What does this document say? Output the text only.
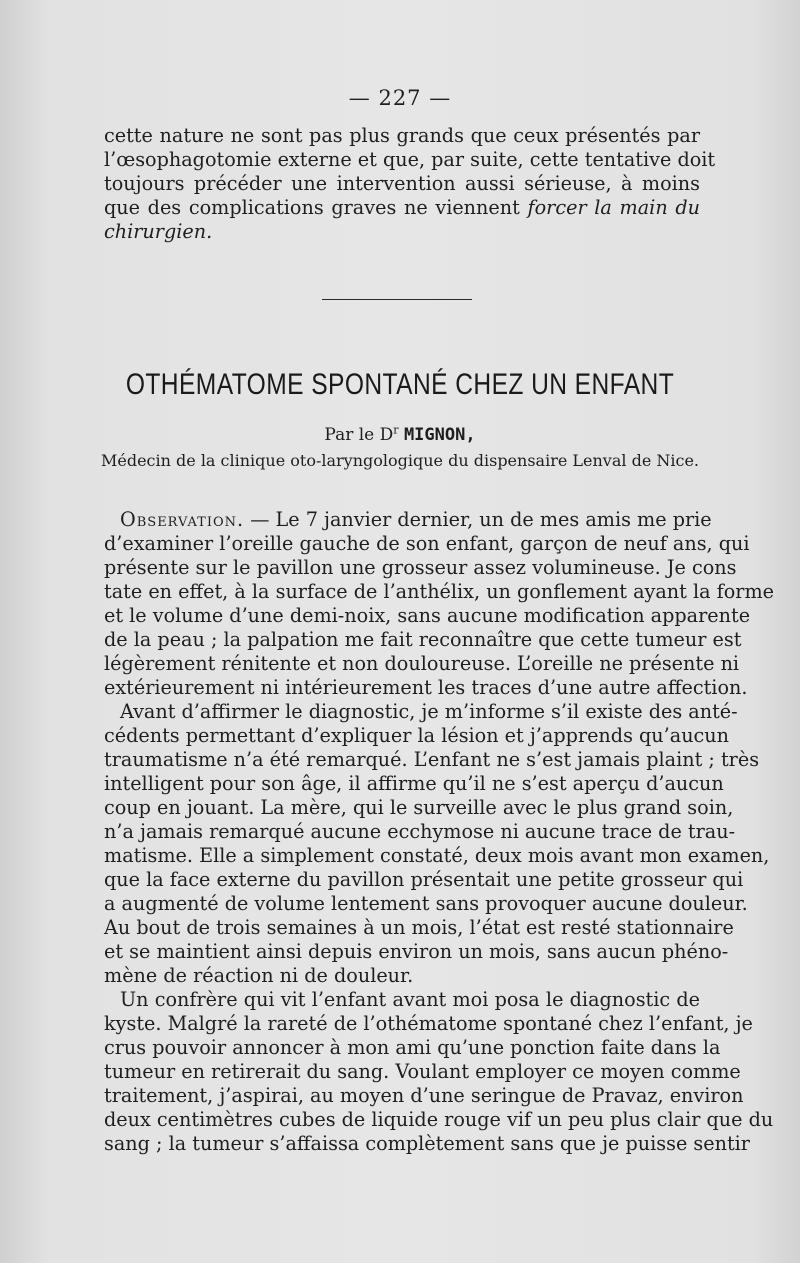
— 227 —
cette nature ne sont pas plus grands que ceux présentés par
l’œsophagotomie externe et que, par suite, cette tentative doit
toujours précéder une intervention aussi sérieuse, à moins
que des complications graves ne viennent forcer la main du
chirurgien.
OTHÉMATOME SPONTANÉ CHEZ UN ENFANT
Par le $D^r$ MIGNON,
Médecin de la clinique oto-laryngologique du dispensaire Lenval de Nice.
Observation. — Le 7 janvier dernier, un de mes amis me prie
d’examiner l’oreille gauche de son enfant, garçon de neuf ans, qui
présente sur le pavillon une grosseur assez volumineuse. Je cons
tate en effet, à la surface de l’anthélix, un gonflement ayant la forme
et le volume d’une demi-noix, sans aucune modification apparente
de la peau ; la palpation me fait reconnaître que cette tumeur est
légèrement rénitente et non douloureuse. L’oreille ne présente ni
extérieurement ni intérieurement les traces d’une autre affection.
Avant d’affirmer le diagnostic, je m’informe s’il existe des anté-
cédents permettant d’expliquer la lésion et j’apprends qu’aucun
traumatisme n’a été remarqué. L’enfant ne s’est jamais plaint ; très
intelligent pour son âge, il affirme qu’il ne s’est aperçu d’aucun
coup en jouant. La mère, qui le surveille avec le plus grand soin,
n’a jamais remarqué aucune ecchymose ni aucune trace de trau-
matisme. Elle a simplement constaté, deux mois avant mon examen,
que la face externe du pavillon présentait une petite grosseur qui
a augmenté de volume lentement sans provoquer aucune douleur.
Au bout de trois semaines à un mois, l’état est resté stationnaire
et se maintient ainsi depuis environ un mois, sans aucun phéno-
mène de réaction ni de douleur.
Un confrère qui vit l’enfant avant moi posa le diagnostic de
kyste. Malgré la rareté de l’othématome spontané chez l’enfant, je
crus pouvoir annoncer à mon ami qu’une ponction faite dans la
tumeur en retirerait du sang. Voulant employer ce moyen comme
traitement, j’aspirai, au moyen d’une seringue de Pravaz, environ
deux centimètres cubes de liquide rouge vif un peu plus clair que du
sang ; la tumeur s’affaissa complètement sans que je puisse sentir
